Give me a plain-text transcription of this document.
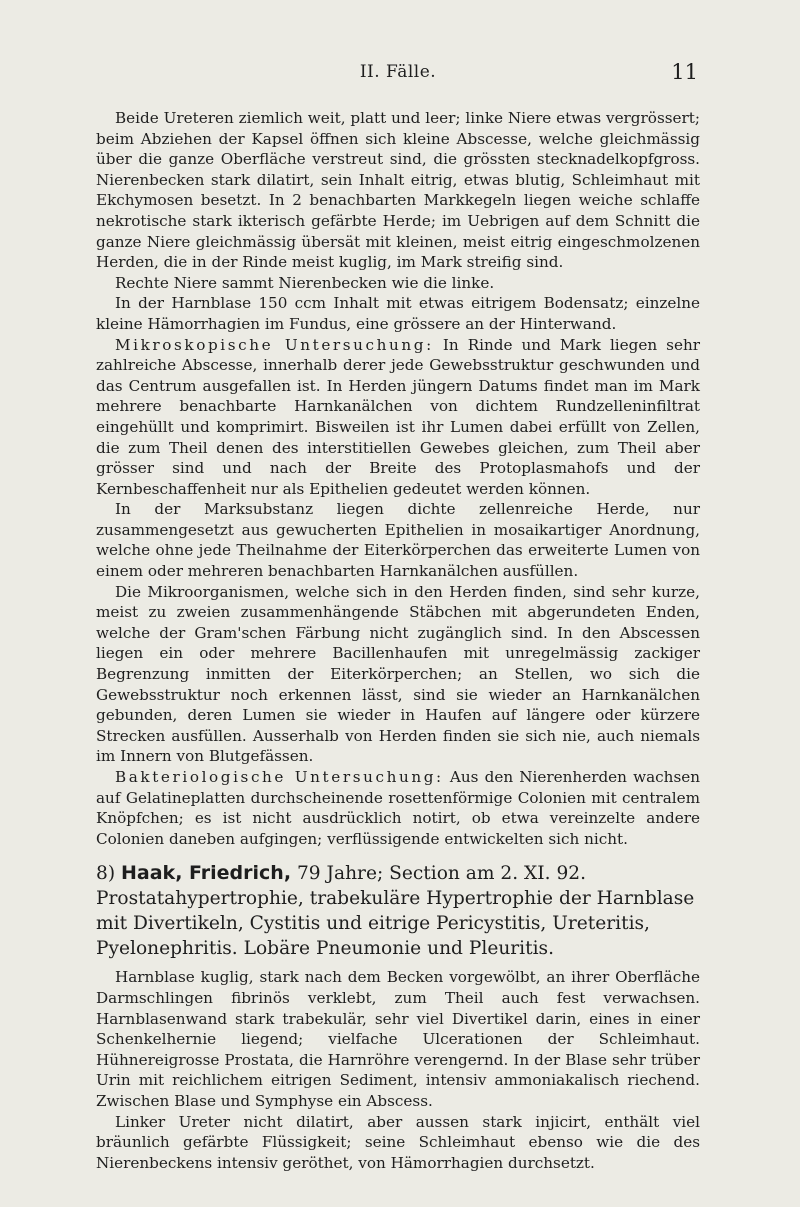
II. Fälle.	11

Beide Ureteren ziemlich weit, platt und leer; linke Niere etwas vergrössert; beim Abziehen der Kapsel öffnen sich kleine Abscesse, welche gleichmässig über die ganze Oberfläche verstreut sind, die grössten stecknadelkopfgross. Nierenbecken stark dilatirt, sein Inhalt eitrig, etwas blutig, Schleimhaut mit Ekchymosen besetzt. In 2 benachbarten Markkegeln liegen weiche schlaffe nekrotische stark ikterisch gefärbte Herde; im Uebrigen auf dem Schnitt die ganze Niere gleichmässig übersät mit kleinen, meist eitrig eingeschmolzenen Herden, die in der Rinde meist kuglig, im Mark streifig sind.

Rechte Niere sammt Nierenbecken wie die linke.

In der Harnblase 150 ccm Inhalt mit etwas eitrigem Bodensatz; einzelne kleine Hämorrhagien im Fundus, eine grössere an der Hinterwand.

Mikroskopische Untersuchung: In Rinde und Mark liegen sehr zahlreiche Abscesse, innerhalb derer jede Gewebsstruktur geschwunden und das Centrum ausgefallen ist. In Herden jüngern Datums findet man im Mark mehrere benachbarte Harnkanälchen von dichtem Rundzelleninfiltrat eingehüllt und komprimirt. Bisweilen ist ihr Lumen dabei erfüllt von Zellen, die zum Theil denen des interstitiellen Gewebes gleichen, zum Theil aber grösser sind und nach der Breite des Protoplasmahofs und der Kernbeschaffenheit nur als Epithelien gedeutet werden können.

In der Marksubstanz liegen dichte zellenreiche Herde, nur zusammengesetzt aus gewucherten Epithelien in mosaikartiger Anordnung, welche ohne jede Theilnahme der Eiterkörperchen das erweiterte Lumen von einem oder mehreren benachbarten Harnkanälchen ausfüllen.

Die Mikroorganismen, welche sich in den Herden finden, sind sehr kurze, meist zu zweien zusammenhängende Stäbchen mit abgerundeten Enden, welche der Gram'schen Färbung nicht zugänglich sind. In den Abscessen liegen ein oder mehrere Bacillenhaufen mit unregelmässig zackiger Begrenzung inmitten der Eiterkörperchen; an Stellen, wo sich die Gewebsstruktur noch erkennen lässt, sind sie wieder an Harnkanälchen gebunden, deren Lumen sie wieder in Haufen auf längere oder kürzere Strecken ausfüllen. Ausserhalb von Herden finden sie sich nie, auch niemals im Innern von Blutgefässen.

Bakteriologische Untersuchung: Aus den Nierenherden wachsen auf Gelatineplatten durchscheinende rosettenförmige Colonien mit centralem Knöpfchen; es ist nicht ausdrücklich notirt, ob etwa vereinzelte andere Colonien daneben aufgingen; verflüssigende entwickelten sich nicht.

8) Haak, Friedrich, 79 Jahre; Section am 2. XI. 92. Prostatahypertrophie, trabekuläre Hypertrophie der Harnblase mit Divertikeln, Cystitis und eitrige Pericystitis, Ureteritis, Pyelonephritis. Lobäre Pneumonie und Pleuritis.

Harnblase kuglig, stark nach dem Becken vorgewölbt, an ihrer Oberfläche Darmschlingen fibrinös verklebt, zum Theil auch fest verwachsen. Harnblasenwand stark trabekulär, sehr viel Divertikel darin, eines in einer Schenkelhernie liegend; vielfache Ulcerationen der Schleimhaut. Hühnereigrosse Prostata, die Harnröhre verengernd. In der Blase sehr trüber Urin mit reichlichem eitrigen Sediment, intensiv ammoniakalisch riechend. Zwischen Blase und Symphyse ein Abscess.

Linker Ureter nicht dilatirt, aber aussen stark injicirt, enthält viel bräunlich gefärbte Flüssigkeit; seine Schleimhaut ebenso wie die des Nierenbeckens intensiv geröthet, von Hämorrhagien durchsetzt.
